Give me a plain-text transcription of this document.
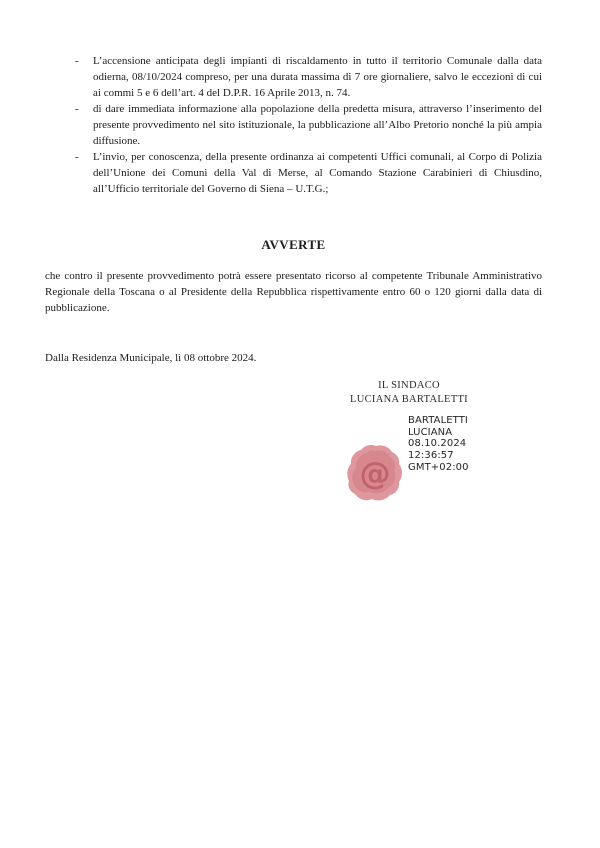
- L’accensione anticipata degli impianti di riscaldamento in tutto il territorio Comunale dalla data odierna, 08/10/2024 compreso, per una durata massima di 7 ore giornaliere, salvo le eccezioni di cui ai commi 5 e 6 dell’art. 4 del D.P.R. 16 Aprile 2013, n. 74.
- di dare immediata informazione alla popolazione della predetta misura, attraverso l’inserimento del presente provvedimento nel sito istituzionale, la pubblicazione all’Albo Pretorio nonché la più ampia diffusione.
- L’invio, per conoscenza, della presente ordinanza ai competenti Uffici comunali, al Corpo di Polizia dell’Unione dei Comuni della Val di Merse, al Comando Stazione Carabinieri di Chiusdino, all’Ufficio territoriale del Governo di Siena – U.T.G.;
AVVERTE

che contro il presente provvedimento potrà essere presentato ricorso al competente Tribunale Amministrativo Regionale della Toscana o al Presidente della Repubblica rispettivamente entro 60 o 120 giorni dalla data di pubblicazione.

Dalla Residenza Municipale, lì 08 ottobre 2024.

IL SINDACO
LUCIANA BARTALETTI
BARTALETTI
LUCIANA
08.10.2024
12:36:57
GMT+02:00
@
